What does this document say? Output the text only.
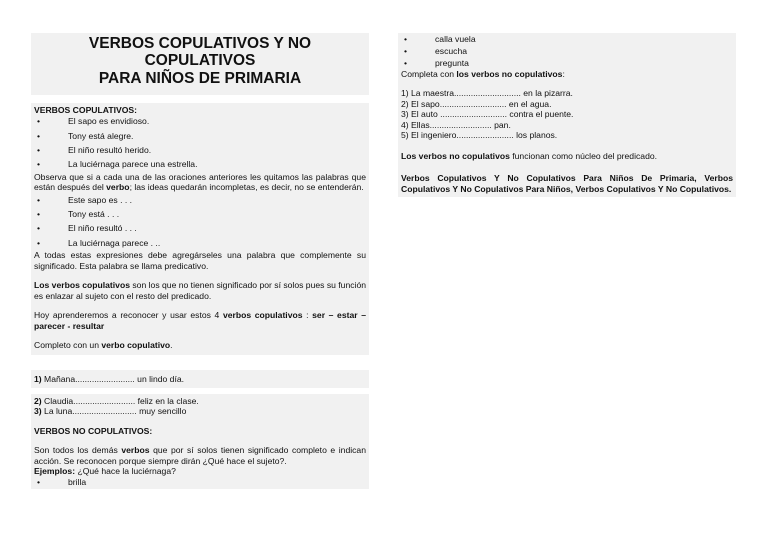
VERBOS COPULATIVOS Y NO
COPULATIVOS
PARA NIÑOS DE PRIMARIA

VERBOS COPULATIVOS:

• El sapo es envidioso.
• Tony está alegre.
• El niño resultó herido.
• La luciérnaga parece una estrella.

Observa que si a cada una de las oraciones anteriores les quitamos las palabras que están después del verbo; las ideas quedarán incompletas, es decir, no se entenderán.

• Este sapo es . . .
• Tony está . . .
• El niño resultó . . .
• La luciérnaga parece . ..

A todas estas expresiones debe agregárseles una palabra que complemente su significado. Esta palabra se llama predicativo.

Los verbos copulativos son los que no tienen significado por sí solos pues su función es enlazar al sujeto con el resto del predicado.

Hoy aprenderemos a reconocer y usar estos 4 verbos copulativos : ser – estar – parecer - resultar

Completo con un verbo copulativo.

1) Mañana......................... un lindo día.

2) Claudia.......................... feliz en la clase.

3) La luna........................... muy sencillo

VERBOS NO COPULATIVOS:

Son todos los demás verbos que por sí solos tienen significado completo e indican acción. Se reconocen porque siempre dirán ¿Qué hace el sujeto?.

Ejemplos: ¿Qué hace la luciérnaga?

• brilla
• calla vuela
• escucha
• pregunta

Completa con los verbos no copulativos:

1) La maestra............................ en la pizarra.

2) El sapo............................ en el agua.

3) El auto ............................ contra el puente.

4) Ellas.......................... pan.

5) El ingeniero........................ los planos.

Los verbos no copulativos funcionan como núcleo del predicado.

Verbos Copulativos Y No Copulativos Para Niños De Primaria, Verbos Copulativos Y No Copulativos Para Niños, Verbos Copulativos Y No Copulativos.
